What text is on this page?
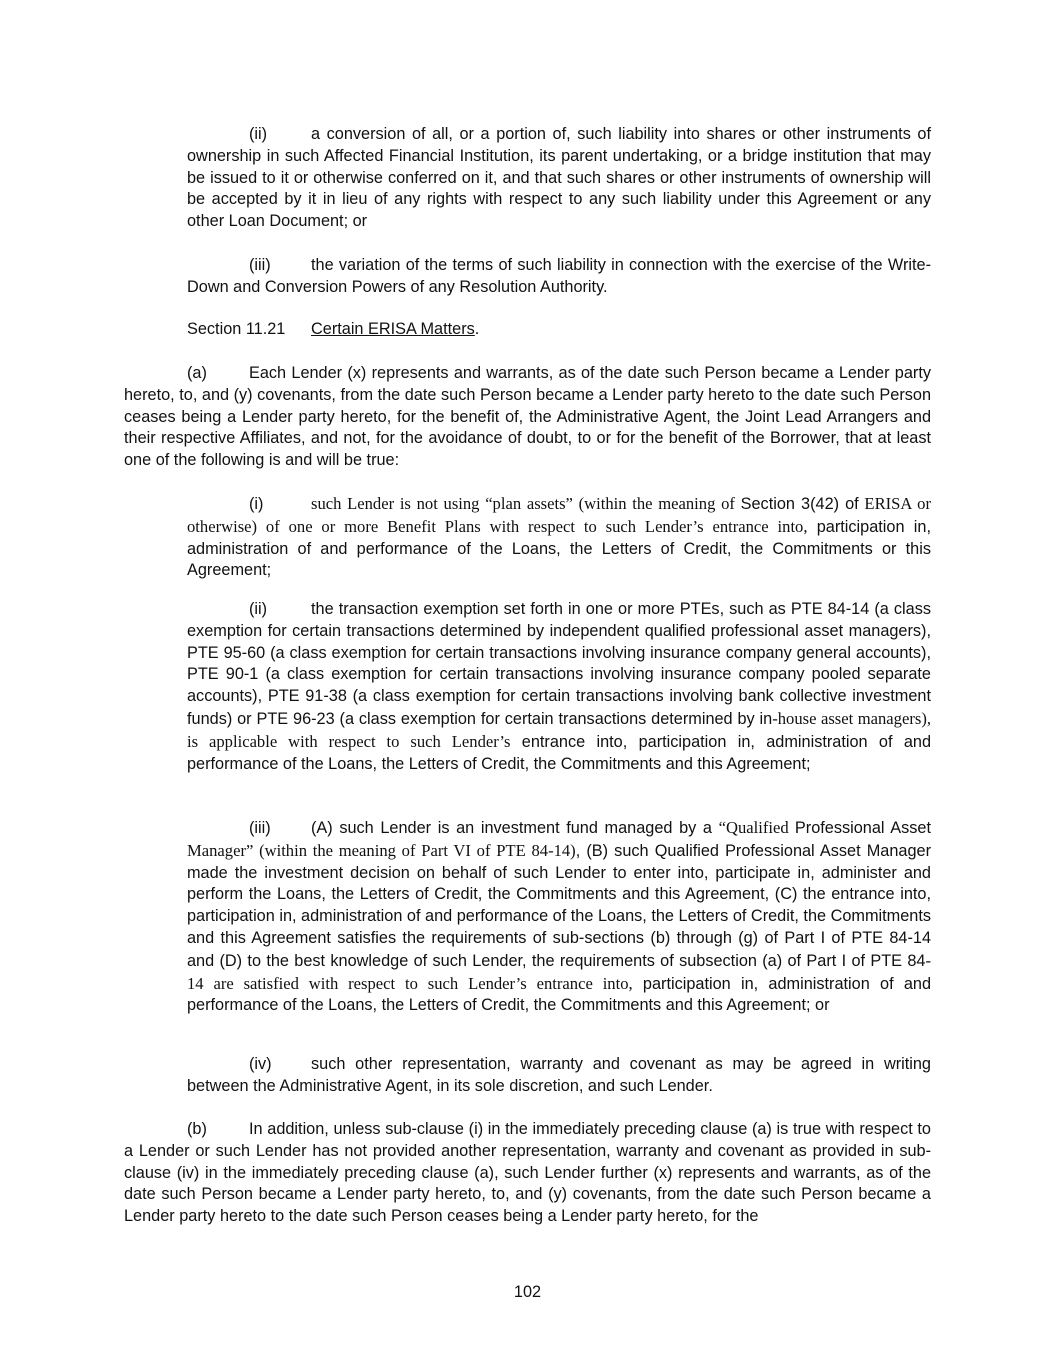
(ii)	a conversion of all, or a portion of, such liability into shares or other instruments of ownership in such Affected Financial Institution, its parent undertaking, or a bridge institution that may be issued to it or otherwise conferred on it, and that such shares or other instruments of ownership will be accepted by it in lieu of any rights with respect to any such liability under this Agreement or any other Loan Document; or

(iii) the variation of the terms of such liability in connection with the exercise of the Write-Down and Conversion Powers of any Resolution Authority.

Section 11.21 Certain ERISA Matters.

(a)	Each Lender (x) represents and warrants, as of the date such Person became a Lender party hereto, to, and (y) covenants, from the date such Person became a Lender party hereto to the date such Person ceases being a Lender party hereto, for the benefit of, the Administrative Agent, the Joint Lead Arrangers and their respective Affiliates, and not, for the avoidance of doubt, to or for the benefit of the Borrower, that at least one of the following is and will be true:

(i)	such Lender is not using “plan assets” (within the meaning of Section 3(42) of ERISA or otherwise) of one or more Benefit Plans with respect to such Lender’s entrance into, participation in, administration of and performance of the Loans, the Letters of Credit, the Commitments or this Agreement;

(ii)	the transaction exemption set forth in one or more PTEs, such as PTE 84-14 (a class exemption for certain transactions determined by independent qualified professional asset managers), PTE 95-60 (a class exemption for certain transactions involving insurance company general accounts), PTE 90-1 (a class exemption for certain transactions involving insurance company pooled separate accounts), PTE 91-38 (a class exemption for certain transactions involving bank collective investment funds) or PTE 96-23 (a class exemption for certain transactions determined by in-house asset managers), is applicable with respect to such Lender’s entrance into, participation in, administration of and performance of the Loans, the Letters of Credit, the Commitments and this Agreement;

(iii) (A) such Lender is an investment fund managed by a “Qualified Professional Asset Manager” (within the meaning of Part VI of PTE 84-14), (B) such Qualified Professional Asset Manager made the investment decision on behalf of such Lender to enter into, participate in, administer and perform the Loans, the Letters of Credit, the Commitments and this Agreement, (C) the entrance into, participation in, administration of and performance of the Loans, the Letters of Credit, the Commitments and this Agreement satisfies the requirements of sub-sections (b) through (g) of Part I of PTE 84-14 and (D) to the best knowledge of such Lender, the requirements of subsection (a) of Part I of PTE 84-14 are satisfied with respect to such Lender’s entrance into, participation in, administration of and performance of the Loans, the Letters of Credit, the Commitments and this Agreement; or

(iv) such other representation, warranty and covenant as may be agreed in writing between the Administrative Agent, in its sole discretion, and such Lender.

(b)	In addition, unless sub-clause (i) in the immediately preceding clause (a) is true with respect to a Lender or such Lender has not provided another representation, warranty and covenant as provided in sub-clause (iv) in the immediately preceding clause (a), such Lender further (x) represents and warrants, as of the date such Person became a Lender party hereto, to, and (y) covenants, from the date such Person became a Lender party hereto to the date such Person ceases being a Lender party hereto, for the

102
